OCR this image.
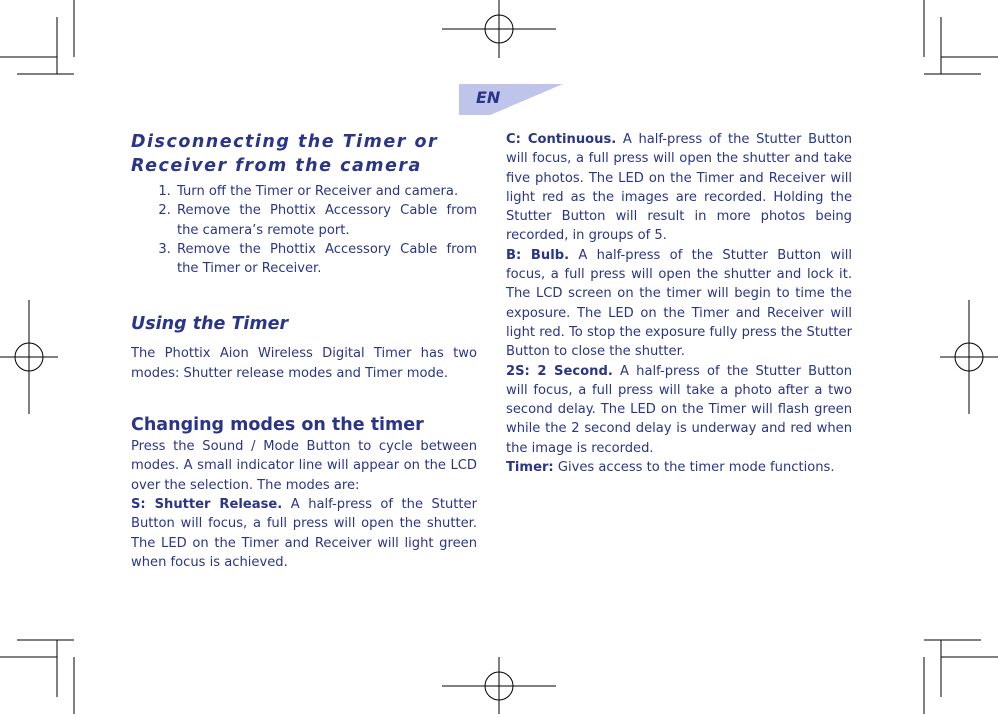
EN
Disconnecting the Timer or Receiver from the camera
1. Turn off the Timer or Receiver and camera.
2. Remove the Phottix Accessory Cable from the camera’s remote port.
3. Remove the Phottix Accessory Cable from the Timer or Receiver.
Using the Timer

The Phottix Aion Wireless Digital Timer has two modes: Shutter release modes and Timer mode.

Changing modes on the timer

Press the Sound / Mode Button to cycle between modes. A small indicator line will appear on the LCD over the selection. The modes are:

S: Shutter Release. A half-press of the Stutter Button will focus, a full press will open the shutter. The LED on the Timer and Receiver will light green when focus is achieved.

C: Continuous. A half-press of the Stutter Button will focus, a full press will open the shutter and take five photos. The LED on the Timer and Receiver will light red as the images are recorded. Holding the Stutter Button will result in more photos being recorded, in groups of 5.

B: Bulb. A half-press of the Stutter Button will focus, a full press will open the shutter and lock it. The LCD screen on the timer will begin to time the exposure. The LED on the Timer and Receiver will light red. To stop the exposure fully press the Stutter Button to close the shutter.

2S: 2 Second. A half-press of the Stutter Button will focus, a full press will take a photo after a two second delay. The LED on the Timer will flash green while the 2 second delay is underway and red when the image is recorded.

Timer: Gives access to the timer mode functions.
